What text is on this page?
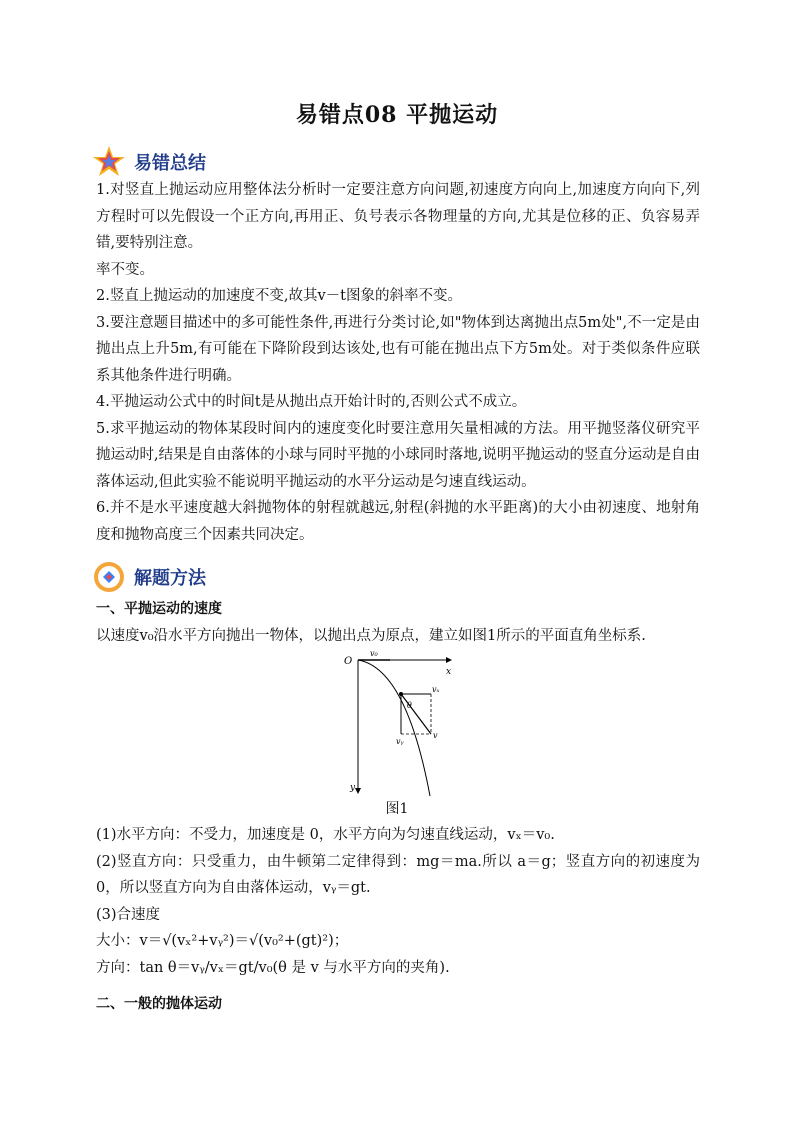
易错点08 平抛运动
易错总结

1.对竖直上抛运动应用整体法分析时一定要注意方向问题,初速度方向向上,加速度方向向下,列方程时可以先假设一个正方向,再用正、负号表示各物理量的方向,尤其是位移的正、负容易弄错,要特别注意。

率不变。

2.竖直上抛运动的加速度不变,故其v－t图象的斜率不变。

3.要注意题目描述中的多可能性条件,再进行分类讨论,如"物体到达离抛出点5m处",不一定是由抛出点上升5m,有可能在下降阶段到达该处,也有可能在抛出点下方5m处。对于类似条件应联系其他条件进行明确。

4.平抛运动公式中的时间t是从抛出点开始计时的,否则公式不成立。

5.求平抛运动的物体某段时间内的速度变化时要注意用矢量相减的方法。用平抛竖落仪研究平抛运动时,结果是自由落体的小球与同时平抛的小球同时落地,说明平抛运动的竖直分运动是自由落体运动,但此实验不能说明平抛运动的水平分运动是匀速直线运动。

6.并不是水平速度越大斜抛物体的射程就越远,射程(斜抛的水平距离)的大小由初速度、地射角度和抛物高度三个因素共同决定。

解题方法

一、平抛运动的速度

以速度v₀沿水平方向抛出一物体，以抛出点为原点，建立如图1所示的平面直角坐标系.

O
x
y
v₀
vₓ
vᵧ
v
θ
图1

(1)水平方向：不受力，加速度是 0，水平方向为匀速直线运动，vₓ＝v₀.

(2)竖直方向：只受重力，由牛顿第二定律得到：mg＝ma.所以 a＝g；竖直方向的初速度为 0，所以竖直方向为自由落体运动，vᵧ＝gt.

(3)合速度

大小：v＝√(vₓ²+vᵧ²)＝√(v₀²+(gt)²)；

方向：tan θ＝vᵧ/vₓ＝gt/v₀(θ 是 v 与水平方向的夹角).

二、一般的抛体运动
